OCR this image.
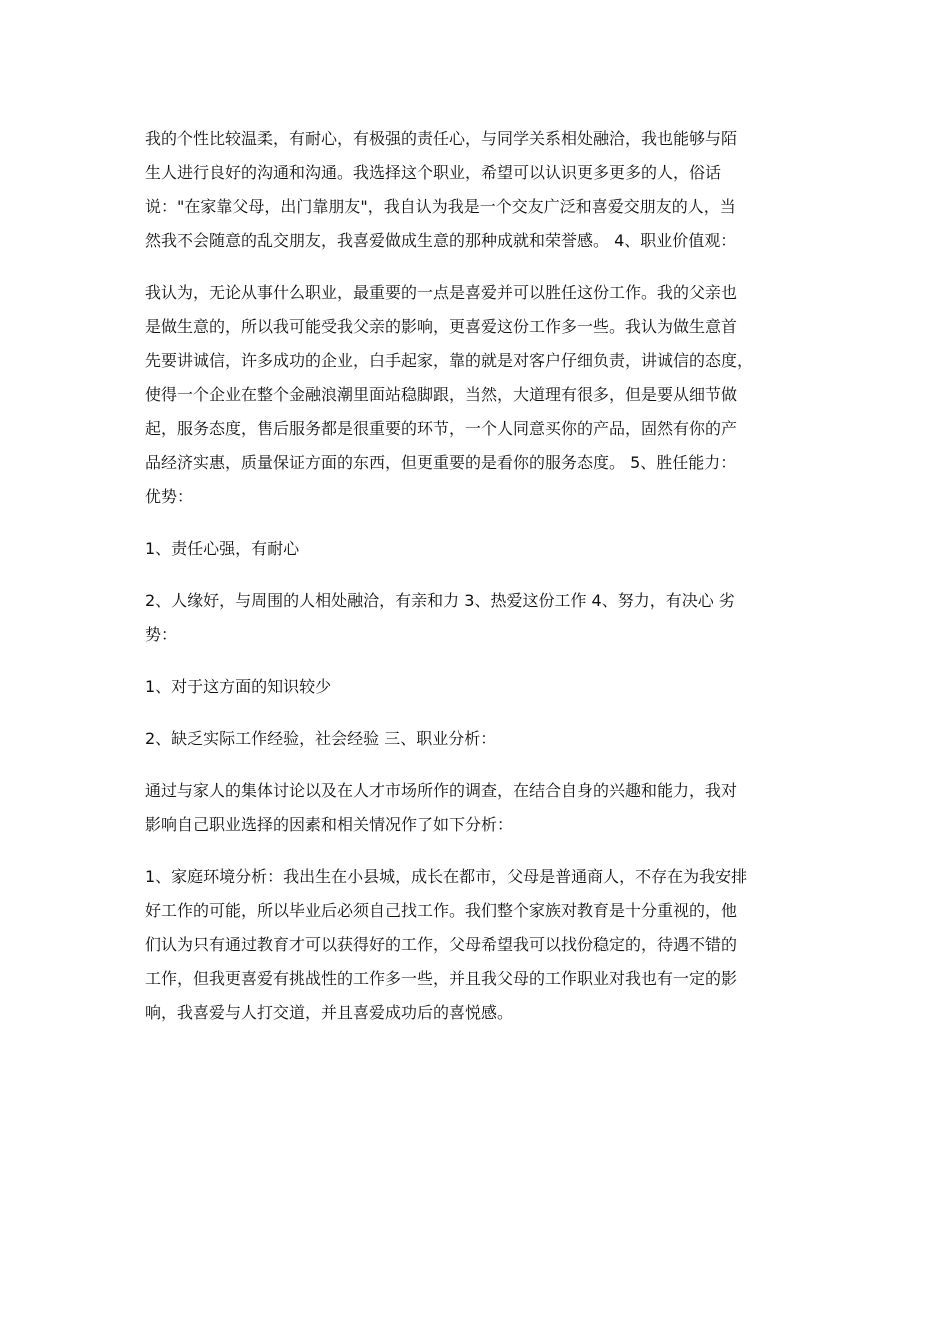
我的个性比较温柔，有耐心，有极强的责任心，与同学关系相处融洽，我也能够与陌
生人进行良好的沟通和沟通。我选择这个职业，希望可以认识更多更多的人，俗话
说："在家靠父母，出门靠朋友"，我自认为我是一个交友广泛和喜爱交朋友的人，当
然我不会随意的乱交朋友，我喜爱做成生意的那种成就和荣誉感。 4、职业价值观：
我认为，无论从事什么职业，最重要的一点是喜爱并可以胜任这份工作。我的父亲也
是做生意的，所以我可能受我父亲的影响，更喜爱这份工作多一些。我认为做生意首
先要讲诚信，许多成功的企业，白手起家，靠的就是对客户仔细负责，讲诚信的态度，
使得一个企业在整个金融浪潮里面站稳脚跟，当然，大道理有很多，但是要从细节做
起，服务态度，售后服务都是很重要的环节，一个人同意买你的产品，固然有你的产
品经济实惠，质量保证方面的东西，但更重要的是看你的服务态度。 5、胜任能力：
优势：
1、责任心强，有耐心
2、人缘好，与周围的人相处融洽，有亲和力 3、热爱这份工作 4、努力，有决心 劣
势：
1、对于这方面的知识较少
2、缺乏实际工作经验，社会经验 三、职业分析：
通过与家人的集体讨论以及在人才市场所作的调查，在结合自身的兴趣和能力，我对
影响自己职业选择的因素和相关情况作了如下分析：
1、家庭环境分析：我出生在小县城，成长在都市，父母是普通商人，不存在为我安排
好工作的可能，所以毕业后必须自己找工作。我们整个家族对教育是十分重视的，他
们认为只有通过教育才可以获得好的工作，父母希望我可以找份稳定的，待遇不错的
工作，但我更喜爱有挑战性的工作多一些，并且我父母的工作职业对我也有一定的影
响，我喜爱与人打交道，并且喜爱成功后的喜悦感。
